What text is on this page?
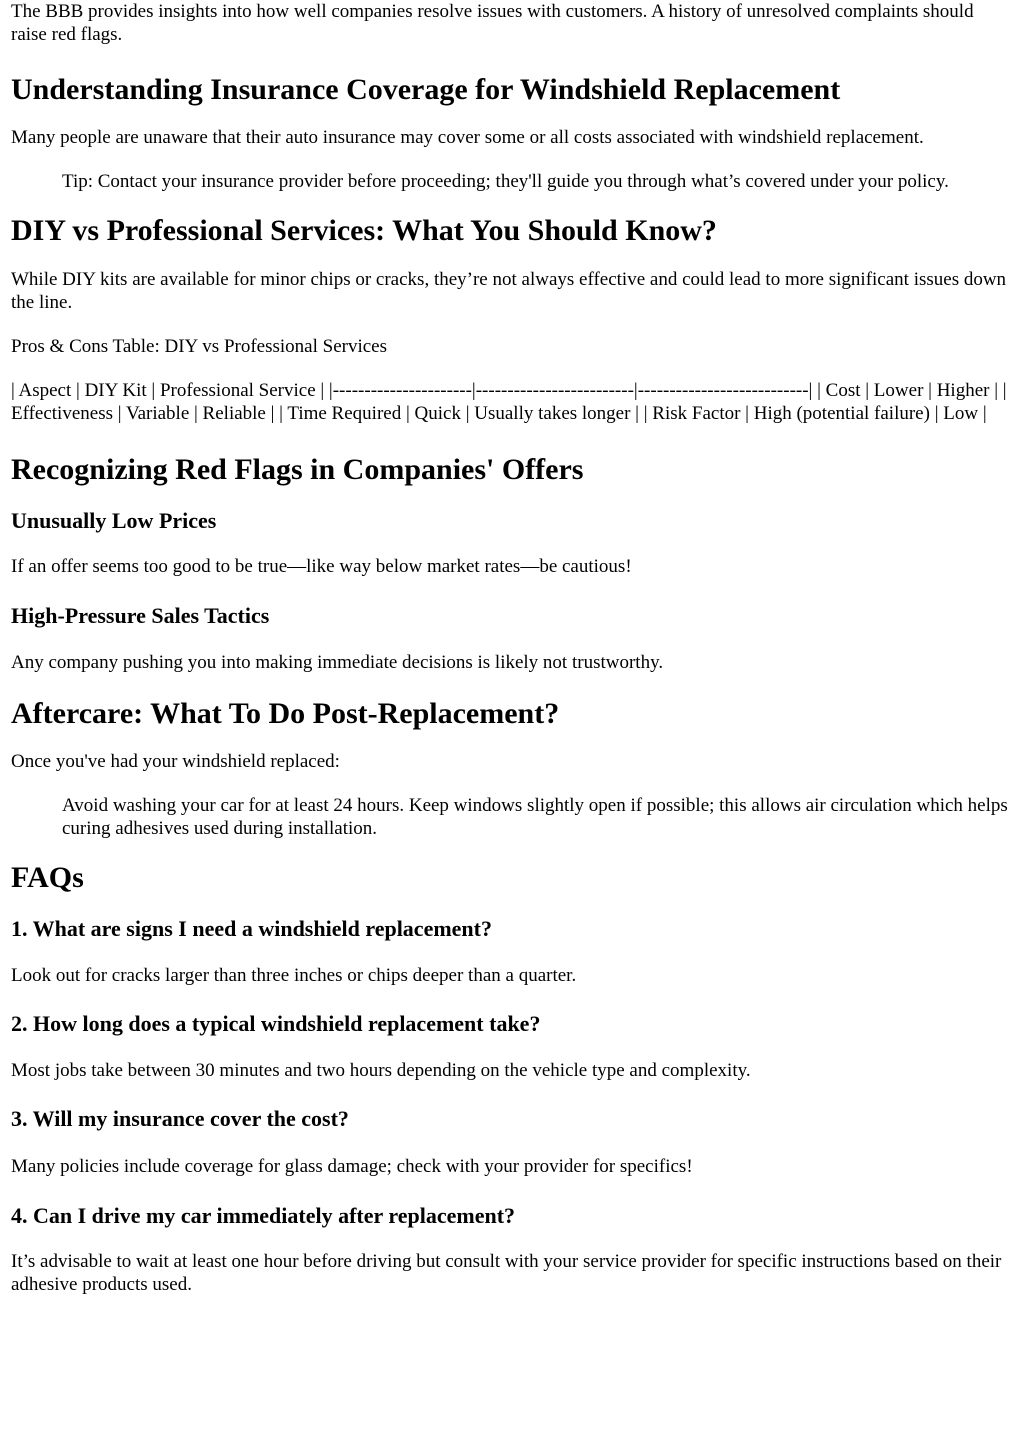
The BBB provides insights into how well companies resolve issues with customers. A history of unresolved complaints should raise red flags.

Understanding Insurance Coverage for Windshield Replacement

Many people are unaware that their auto insurance may cover some or all costs associated with windshield replacement.

Tip: Contact your insurance provider before proceeding; they'll guide you through what’s covered under your policy.
DIY vs Professional Services: What You Should Know?

While DIY kits are available for minor chips or cracks, they’re not always effective and could lead to more significant issues down the line.

Pros & Cons Table: DIY vs Professional Services

| Aspect | DIY Kit | Professional Service | |----------------------|-------------------------|---------------------------| | Cost | Lower | Higher | | Effectiveness | Variable | Reliable | | Time Required | Quick | Usually takes longer | | Risk Factor | High (potential failure) | Low |

Recognizing Red Flags in Companies' Offers
Unusually Low Prices

If an offer seems too good to be true—like way below market rates—be cautious!

High-Pressure Sales Tactics

Any company pushing you into making immediate decisions is likely not trustworthy.

Aftercare: What To Do Post-Replacement?

Once you've had your windshield replaced:

Avoid washing your car for at least 24 hours. Keep windows slightly open if possible; this allows air circulation which helps curing adhesives used during installation.
FAQs
1. What are signs I need a windshield replacement?

Look out for cracks larger than three inches or chips deeper than a quarter.

2. How long does a typical windshield replacement take?

Most jobs take between 30 minutes and two hours depending on the vehicle type and complexity.

3. Will my insurance cover the cost?

Many policies include coverage for glass damage; check with your provider for specifics!

4. Can I drive my car immediately after replacement?

It’s advisable to wait at least one hour before driving but consult with your service provider for specific instructions based on their adhesive products used.
